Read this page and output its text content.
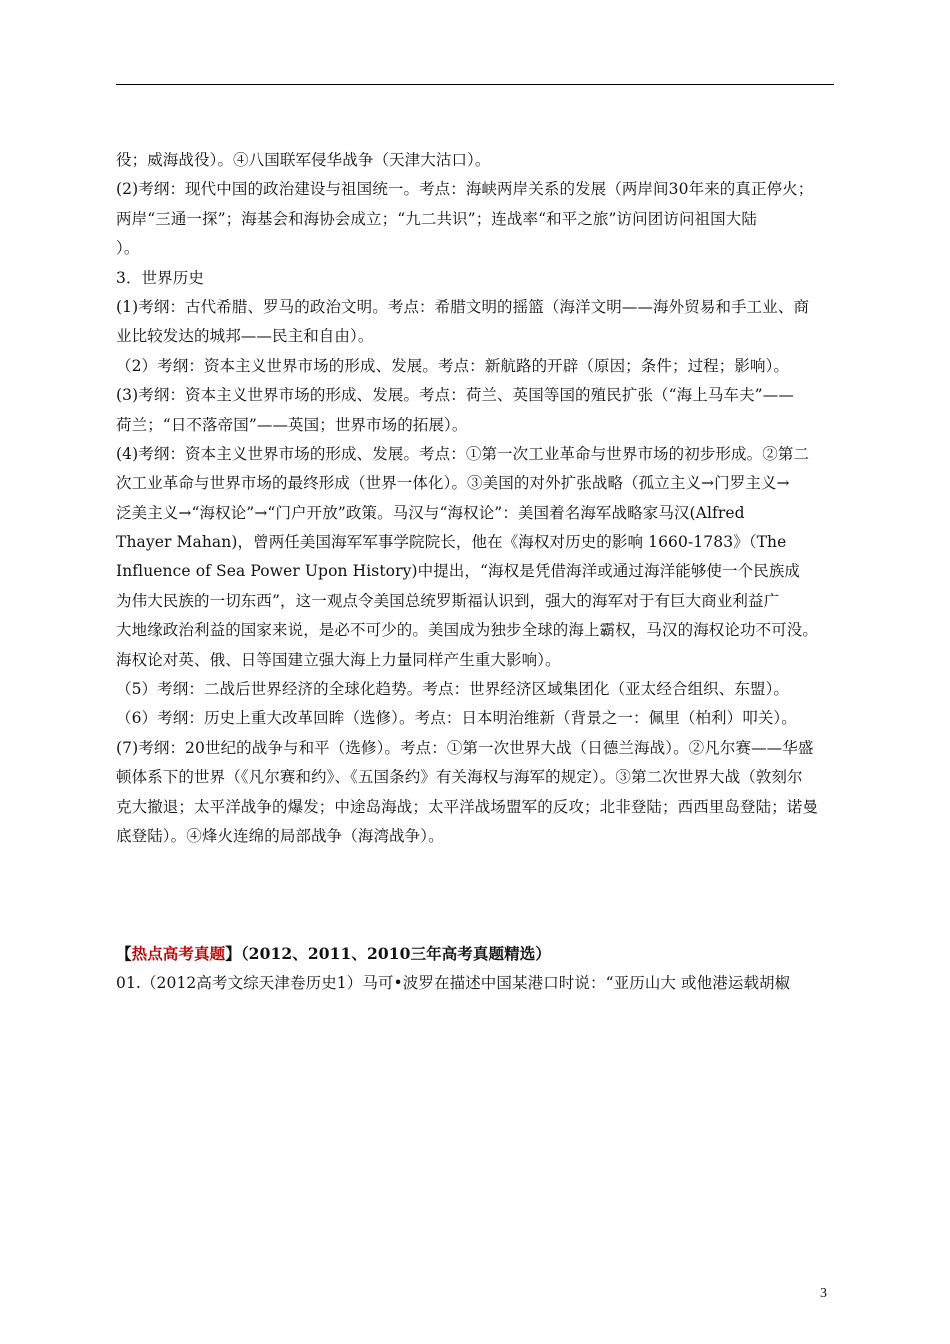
役；威海战役）。④八国联军侵华战争（天津大沽口）。
(2)考纲：现代中国的政治建设与祖国统一。考点：海峡两岸关系的发展（两岸间30年来的真正停火；
两岸“三通一探”；海基会和海协会成立；“九二共识”；连战率“和平之旅”访问团访问祖国大陆
）。
3．世界历史
(1)考纲：古代希腊、罗马的政治文明。考点：希腊文明的摇篮（海洋文明——海外贸易和手工业、商
业比较发达的城邦——民主和自由）。
（2）考纲：资本主义世界市场的形成、发展。考点：新航路的开辟（原因；条件；过程；影响）。
(3)考纲：资本主义世界市场的形成、发展。考点：荷兰、英国等国的殖民扩张（“海上马车夫”——
荷兰；“日不落帝国”——英国；世界市场的拓展）。
(4)考纲：资本主义世界市场的形成、发展。考点：①第一次工业革命与世界市场的初步形成。②第二
次工业革命与世界市场的最终形成（世界一体化）。③美国的对外扩张战略（孤立主义→门罗主义→
泛美主义→“海权论”→“门户开放”政策。马汉与“海权论”：美国着名海军战略家马汉(Alfred
Thayer Mahan)，曾两任美国海军军事学院院长，他在《海权对历史的影响 1660-1783》（The
Influence of Sea Power Upon History)中提出，“海权是凭借海洋或通过海洋能够使一个民族成
为伟大民族的一切东西”，这一观点令美国总统罗斯福认识到，强大的海军对于有巨大商业利益广
大地缘政治利益的国家来说，是必不可少的。美国成为独步全球的海上霸权，马汉的海权论功不可没。
海权论对英、俄、日等国建立强大海上力量同样产生重大影响）。
（5）考纲：二战后世界经济的全球化趋势。考点：世界经济区域集团化（亚太经合组织、东盟）。
（6）考纲：历史上重大改革回眸（选修）。考点：日本明治维新（背景之一：佩里（柏利）叩关）。
(7)考纲：20世纪的战争与和平（选修）。考点：①第一次世界大战（日德兰海战）。②凡尔赛——华盛
顿体系下的世界（《凡尔赛和约》、《五国条约》有关海权与海军的规定）。③第二次世界大战（敦刻尔
克大撤退；太平洋战争的爆发；中途岛海战；太平洋战场盟军的反攻；北非登陆；西西里岛登陆；诺曼
底登陆）。④烽火连绵的局部战争（海湾战争）。
【热点高考真题】（2012、2011、2010三年高考真题精选）
01.（2012高考文综天津卷历史1）马可•波罗在描述中国某港口时说：“亚历山大 或他港运载胡椒
3
